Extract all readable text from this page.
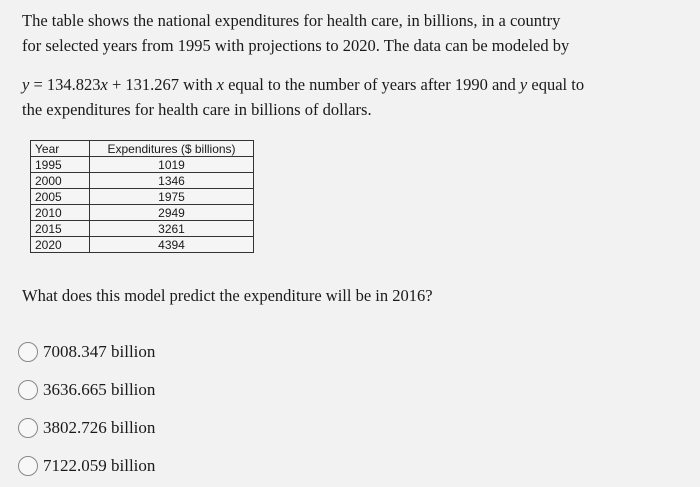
The table shows the national expenditures for health care, in billions, in a country
for selected years from 1995 with projections to 2020. The data can be modeled by

y = 134.823x + 131.267 with x equal to the number of years after 1990 and y equal to
the expenditures for health care in billions of dollars.

Year	Expenditures ($ billions)
1995	1019
2000	1346
2005	1975
2010	2949
2015	3261
2020	4394

What does this model predict the expenditure will be in 2016?

7008.347 billion
3636.665 billion
3802.726 billion
7122.059 billion
